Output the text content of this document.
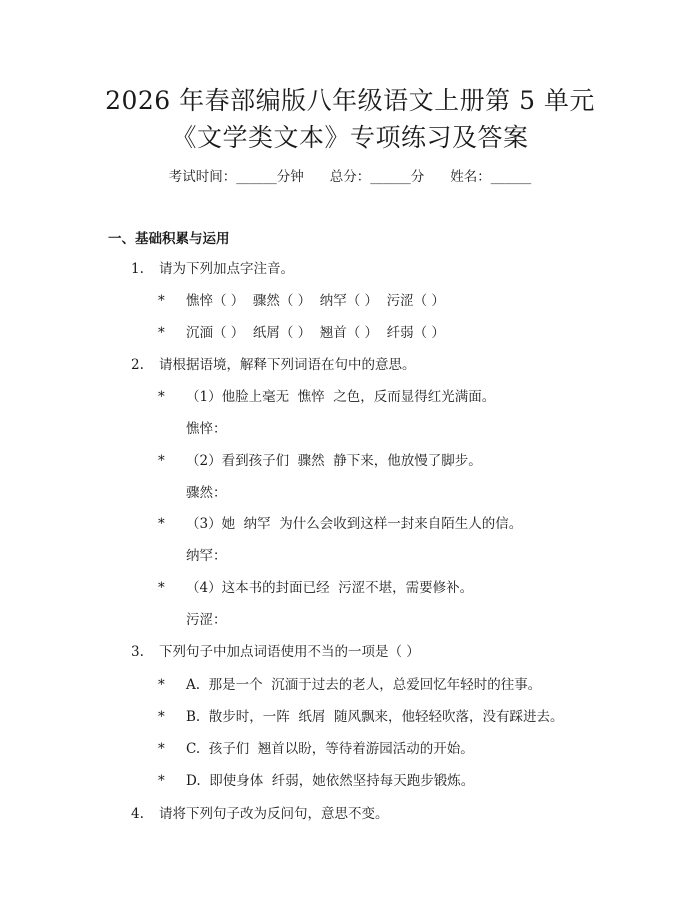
2026 年春部编版八年级语文上册第 5 单元
《文学类文本》专项练习及答案
考试时间：______分钟 总分：______分 姓名：______
一、基础积累与运用
1. 请为下列加点字注音。
* 憔悴（ ）  骤然（ ）  纳罕（ ）  污涩（ ）
* 沉湎（ ）  纸屑（ ）  翘首（ ）  纤弱（ ）
2. 请根据语境，解释下列词语在句中的意思。
* （1）他脸上毫无  憔悴  之色，反而显得红光满面。
憔悴：
* （2）看到孩子们  骤然  静下来，他放慢了脚步。
骤然：
* （3）她  纳罕  为什么会收到这样一封来自陌生人的信。
纳罕：
* （4）这本书的封面已经  污涩不堪，需要修补。
污涩：
3. 下列句子中加点词语使用不当的一项是（ ）
* A.  那是一个  沉湎于过去的老人，总爱回忆年轻时的往事。
* B.  散步时，一阵  纸屑  随风飘来，他轻轻吹落，没有踩进去。
* C.  孩子们  翘首以盼，等待着游园活动的开始。
* D.  即使身体  纤弱，她依然坚持每天跑步锻炼。
4. 请将下列句子改为反问句，意思不变。
